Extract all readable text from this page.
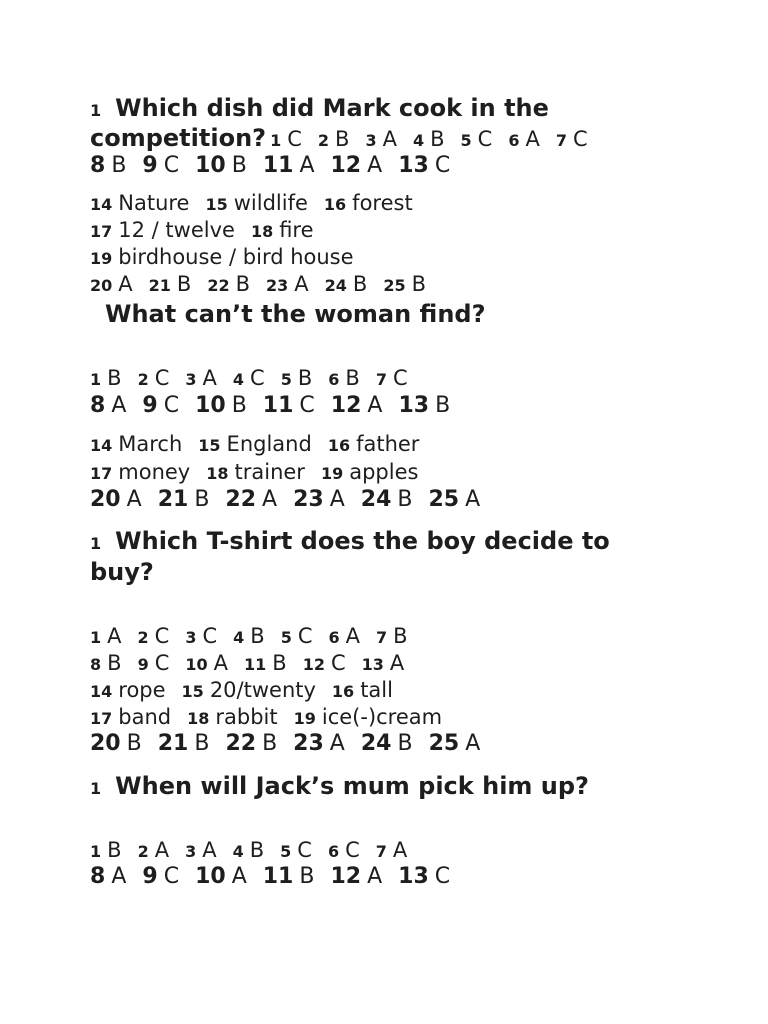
1 Which dish did Mark cook in the
competition? 1 C 2 B 3 A 4 B 5 C 6 A 7 C
8 B 9 C 10 B 11 A 12 A 13 C
14 Nature 15 wildlife 16 forest
17 12 / twelve 18 fire
19 birdhouse / bird house
20 A 21 B 22 B 23 A 24 B 25 B
What can’t the woman find?
1 B 2 C 3 A 4 C 5 B 6 B 7 C
8 A 9 C 10 B 11 C 12 A 13 B
14 March 15 England 16 father
17 money 18 trainer 19 apples
20 A 21 B 22 A 23 A 24 B 25 A
1 Which T-shirt does the boy decide to
buy?
1 A 2 C 3 C 4 B 5 C 6 A 7 B
8 B 9 C 10 A 11 B 12 C 13 A
14 rope 15 20/twenty 16 tall
17 band 18 rabbit 19 ice(-)cream
20 B 21 B 22 B 23 A 24 B 25 A
1 When will Jack’s mum pick him up?
1 B 2 A 3 A 4 B 5 C 6 C 7 A
8 A 9 C 10 A 11 B 12 A 13 C
